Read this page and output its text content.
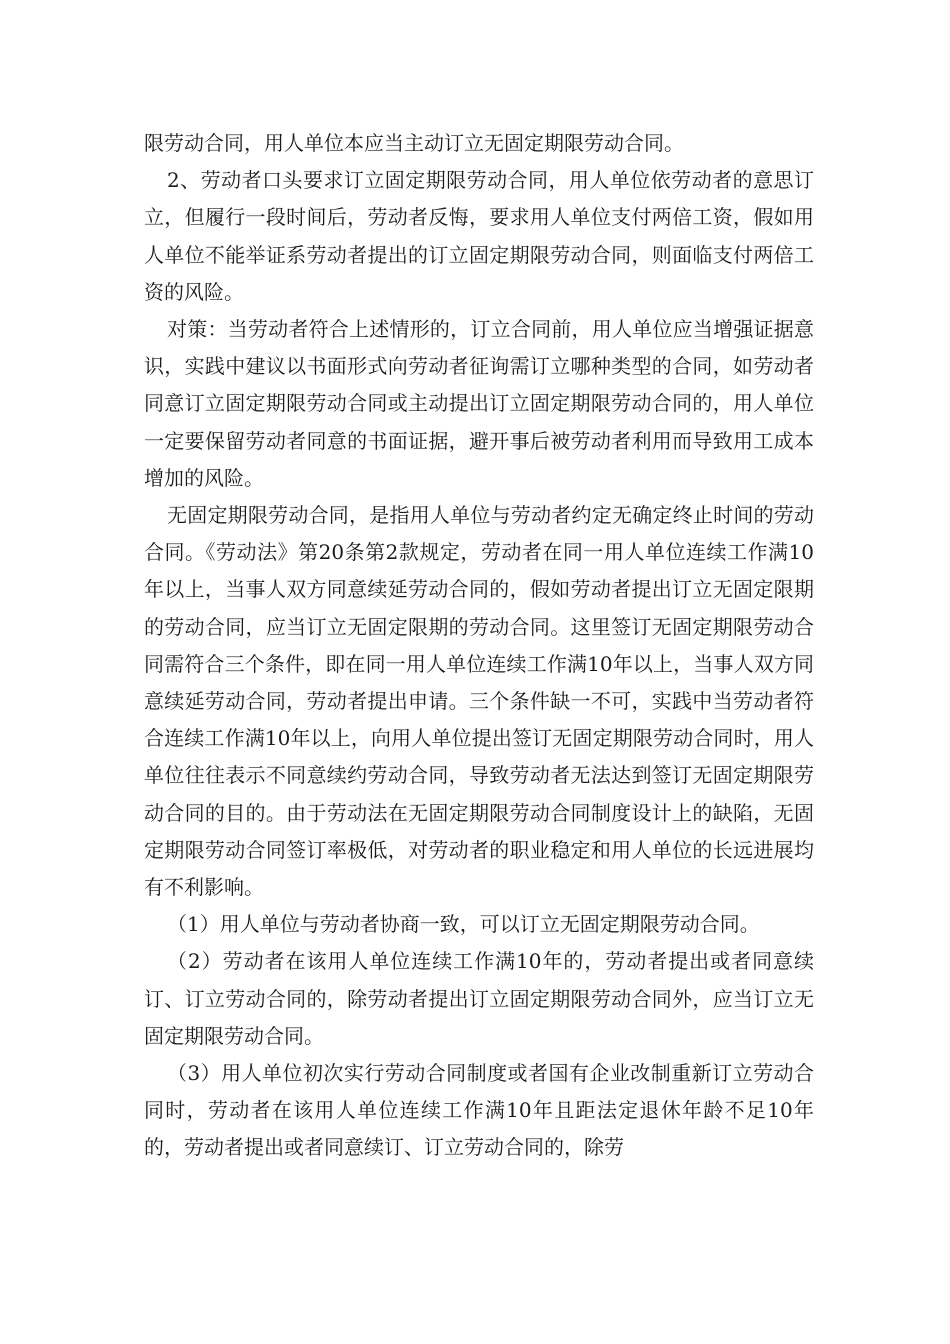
限劳动合同，用人单位本应当主动订立无固定期限劳动合同。

2、劳动者口头要求订立固定期限劳动合同，用人单位依劳动者的意思订立，但履行一段时间后，劳动者反悔，要求用人单位支付两倍工资，假如用人单位不能举证系劳动者提出的订立固定期限劳动合同，则面临支付两倍工资的风险。

对策：当劳动者符合上述情形的，订立合同前，用人单位应当增强证据意识，实践中建议以书面形式向劳动者征询需订立哪种类型的合同，如劳动者同意订立固定期限劳动合同或主动提出订立固定期限劳动合同的，用人单位一定要保留劳动者同意的书面证据，避开事后被劳动者利用而导致用工成本增加的风险。

无固定期限劳动合同，是指用人单位与劳动者约定无确定终止时间的劳动合同。《劳动法》第20条第2款规定，劳动者在同一用人单位连续工作满10年以上，当事人双方同意续延劳动合同的，假如劳动者提出订立无固定限期的劳动合同，应当订立无固定限期的劳动合同。这里签订无固定期限劳动合同需符合三个条件，即在同一用人单位连续工作满10年以上，当事人双方同意续延劳动合同，劳动者提出申请。三个条件缺一不可，实践中当劳动者符合连续工作满10年以上，向用人单位提出签订无固定期限劳动合同时，用人单位往往表示不同意续约劳动合同，导致劳动者无法达到签订无固定期限劳动合同的目的。由于劳动法在无固定期限劳动合同制度设计上的缺陷，无固定期限劳动合同签订率极低，对劳动者的职业稳定和用人单位的长远进展均有不利影响。

（1）用人单位与劳动者协商一致，可以订立无固定期限劳动合同。

（2）劳动者在该用人单位连续工作满10年的，劳动者提出或者同意续订、订立劳动合同的，除劳动者提出订立固定期限劳动合同外，应当订立无固定期限劳动合同。

（3）用人单位初次实行劳动合同制度或者国有企业改制重新订立劳动合同时，劳动者在该用人单位连续工作满10年且距法定退休年龄不足10年的，劳动者提出或者同意续订、订立劳动合同的，除劳
